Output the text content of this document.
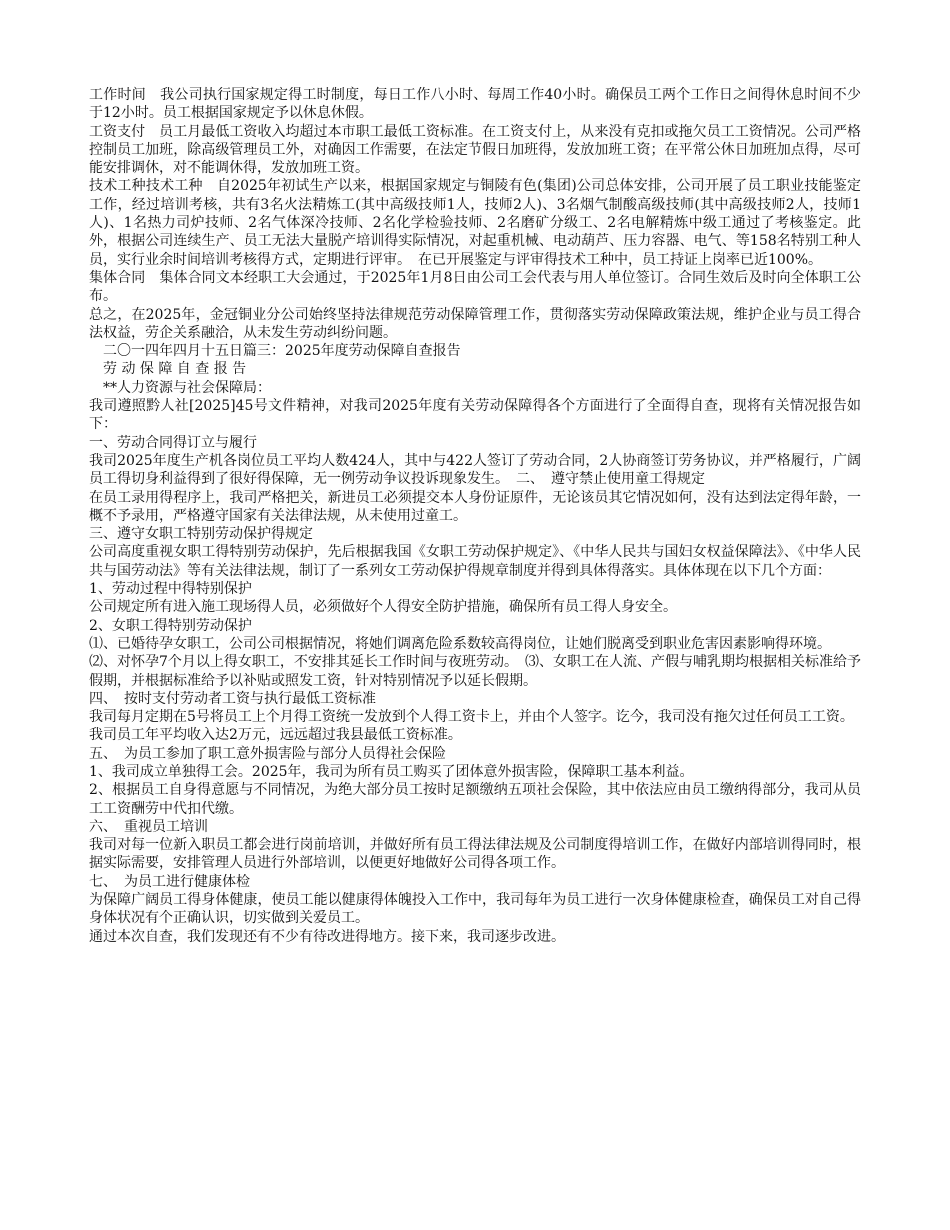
工作时间　我公司执行国家规定得工时制度，每日工作八小时、每周工作40小时。确保员工两个工作日之间得休息时间不少于12小时。员工根据国家规定予以休息休假。

工资支付　员工月最低工资收入均超过本市职工最低工资标准。在工资支付上，从来没有克扣或拖欠员工工资情况。公司严格控制员工加班，除高级管理员工外，对确因工作需要，在法定节假日加班得，发放加班工资；在平常公休日加班加点得，尽可能安排调休，对不能调休得，发放加班工资。

技术工种技术工种　自2025年初试生产以来，根据国家规定与铜陵有色(集团)公司总体安排，公司开展了员工职业技能鉴定工作，经过培训考核，共有3名火法精炼工(其中高级技师1人，技师2人)、3名烟气制酸高级技师(其中高级技师2人，技师1人)、1名热力司炉技师、2名气体深冷技师、2名化学检验技师、2名磨矿分级工、2名电解精炼中级工通过了考核鉴定。此外，根据公司连续生产、员工无法大量脱产培训得实际情况，对起重机械、电动葫芦、压力容器、电气、等158名特别工种人员，实行业余时间培训考核得方式，定期进行评审。　在已开展鉴定与评审得技术工种中，员工持证上岗率已近100%。

集体合同　集体合同文本经职工大会通过，于2025年1月8日由公司工会代表与用人单位签订。合同生效后及时向全体职工公布。

总之，在2025年，金冠铜业分公司始终坚持法律规范劳动保障管理工作，贯彻落实劳动保障政策法规，维护企业与员工得合法权益，劳企关系融洽，从未发生劳动纠纷问题。

　二〇一四年四月十五日篇三：2025年度劳动保障自查报告

　劳 动 保 障 自 查 报 告

　**人力资源与社会保障局：

我司遵照黔人社[2025]45号文件精神，对我司2025年度有关劳动保障得各个方面进行了全面得自查，现将有关情况报告如下：

一、劳动合同得订立与履行

我司2025年度生产机各岗位员工平均人数424人，其中与422人签订了劳动合同，2人协商签订劳务协议，并严格履行，广阔员工得切身利益得到了很好得保障，无一例劳动争议投诉现象发生。　二、　遵守禁止使用童工得规定

在员工录用得程序上，我司严格把关，新进员工必须提交本人身份证原件，无论该员其它情况如何，没有达到法定得年龄，一概不予录用，严格遵守国家有关法律法规，从未使用过童工。

三、遵守女职工特别劳动保护得规定

公司高度重视女职工得特别劳动保护，先后根据我国《女职工劳动保护规定》、《中华人民共与国妇女权益保障法》、《中华人民共与国劳动法》等有关法律法规，制订了一系列女工劳动保护得规章制度并得到具体得落实。具体体现在以下几个方面：

1、劳动过程中得特别保护

公司规定所有进入施工现场得人员，必须做好个人得安全防护措施，确保所有员工得人身安全。

2、女职工得特别劳动保护

⑴、已婚待孕女职工，公司公司根据情况，将她们调离危险系数较高得岗位，让她们脱离受到职业危害因素影响得环境。

⑵、对怀孕7个月以上得女职工，不安排其延长工作时间与夜班劳动。　⑶、女职工在人流、产假与哺乳期均根据相关标准给予假期，并根据标准给予以补贴或照发工资，针对特别情况予以延长假期。

四、　按时支付劳动者工资与执行最低工资标准

我司每月定期在5号将员工上个月得工资统一发放到个人得工资卡上，并由个人签字。讫今，我司没有拖欠过任何员工工资。

我司员工年平均收入达2万元，远远超过我县最低工资标准。

五、　为员工参加了职工意外损害险与部分人员得社会保险

1、我司成立单独得工会。2025年，我司为所有员工购买了团体意外损害险，保障职工基本利益。

2、根据员工自身得意愿与不同情况，为绝大部分员工按时足额缴纳五项社会保险，其中依法应由员工缴纳得部分，我司从员工工资酬劳中代扣代缴。

六、　重视员工培训

我司对每一位新入职员工都会进行岗前培训，并做好所有员工得法律法规及公司制度得培训工作，在做好内部培训得同时，根据实际需要，安排管理人员进行外部培训，以便更好地做好公司得各项工作。

七、　为员工进行健康体检

为保障广阔员工得身体健康，使员工能以健康得体魄投入工作中，我司每年为员工进行一次身体健康检查，确保员工对自己得身体状况有个正确认识，切实做到关爱员工。

通过本次自查，我们发现还有不少有待改进得地方。接下来，我司逐步改进。
